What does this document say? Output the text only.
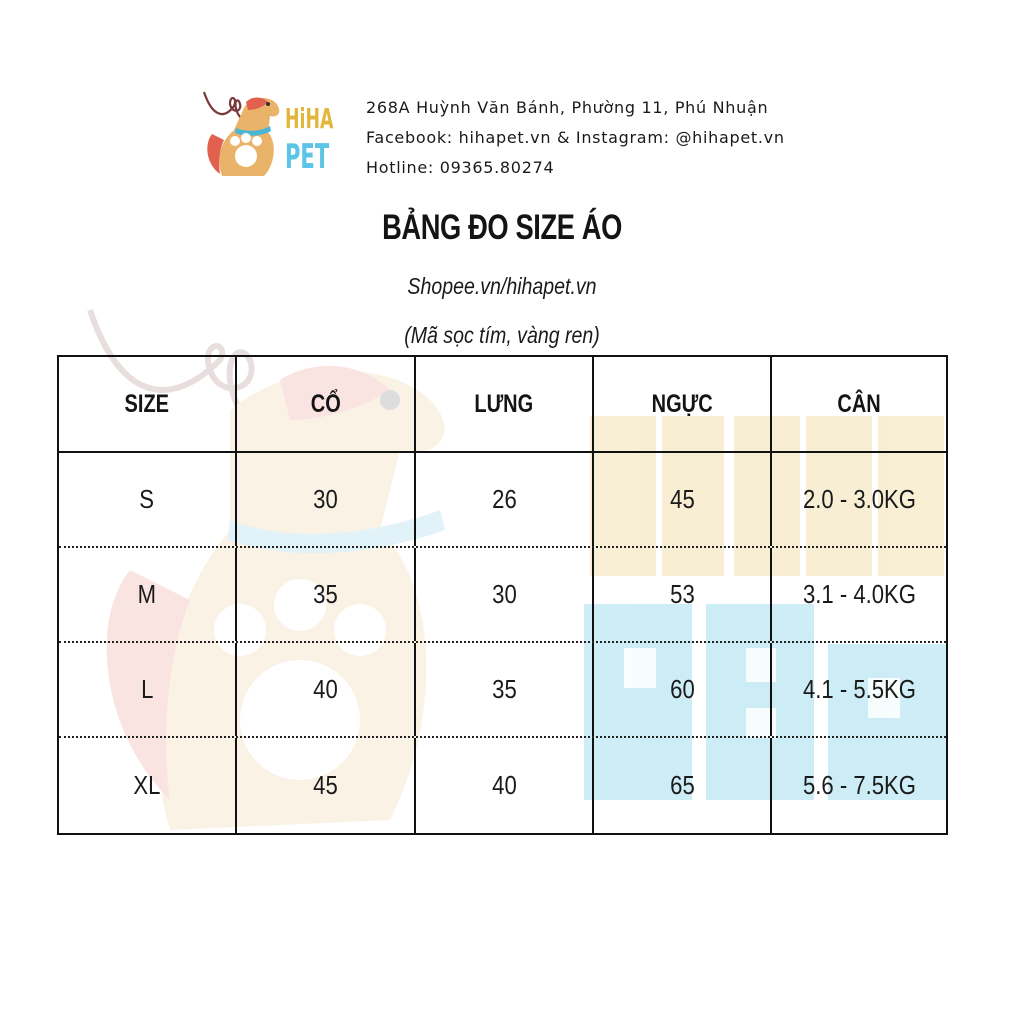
HiHA
PET
268A Huỳnh Văn Bánh, Phường 11, Phú Nhuận
Facebook: hihapet.vn & Instagram: @hihapet.vn
Hotline: 09365.80274
BẢNG ĐO SIZE ÁO
Shopee.vn/hihapet.vn
(Mã sọc tím, vàng ren)
SIZE	CỔ	LƯNG	NGỰC	CÂN
S	30	26	45	2.0 - 3.0KG
M	35	30	53	3.1 - 4.0KG
L	40	35	60	4.1 - 5.5KG
XL	45	40	65	5.6 - 7.5KG
